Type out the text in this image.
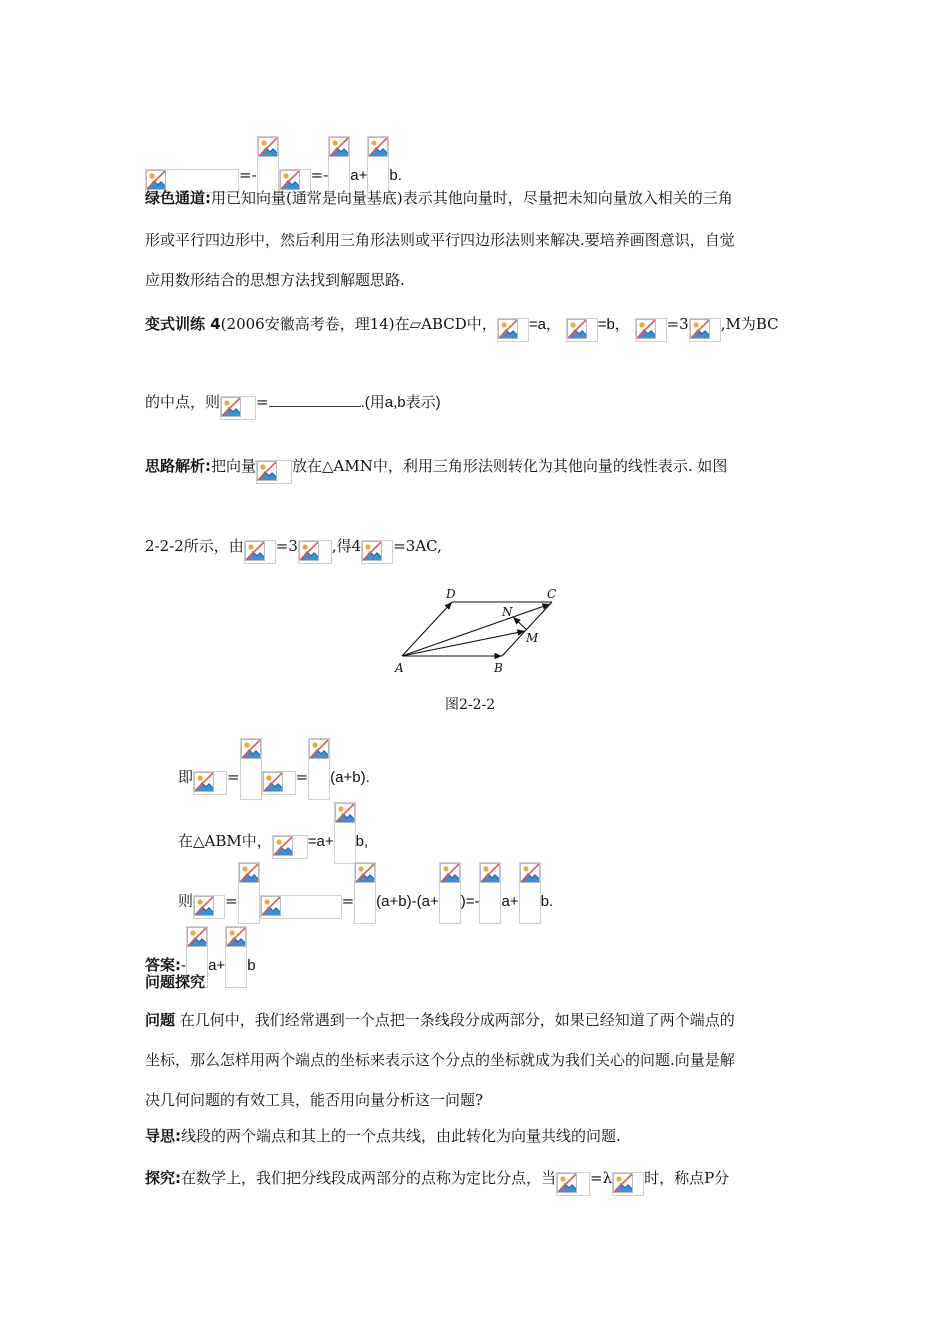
=-	=- a+ b.
绿色通道:用已知向量(通常是向量基底)表示其他向量时，尽量把未知向量放入相关的三角
形或平行四边形中，然后利用三角形法则或平行四边形法则来解决.要培养画图意识，自觉
应用数形结合的思想方法找到解题思路.
变式训练 4(2006安徽高考卷，理14)在▱ABCD中， =a， =b， =3 ,M为BC
的中点，则 =	.(用a,b表示)
思路解析:把向量 放在△AMN中，利用三角形法则转化为其他向量的线性表示. 如图
2-2-2所示，由 =3 ,得4 =3AC,
A	B
C
D
M
N
图2-2-2
即 =	= (a+b).
在△ABM中， =a+ b,
则 =	= (a+b)-(a+ )=- a+ b.
答案:- a+ b
问题探究
问题 在几何中，我们经常遇到一个点把一条线段分成两部分，如果已经知道了两个端点的
坐标，那么怎样用两个端点的坐标来表示这个分点的坐标就成为我们关心的问题.向量是解
决几何问题的有效工具，能否用向量分析这一问题?
导思:线段的两个端点和其上的一个点共线，由此转化为向量共线的问题.
探究:在数学上，我们把分线段成两部分的点称为定比分点，当 =λ 时，称点P分
